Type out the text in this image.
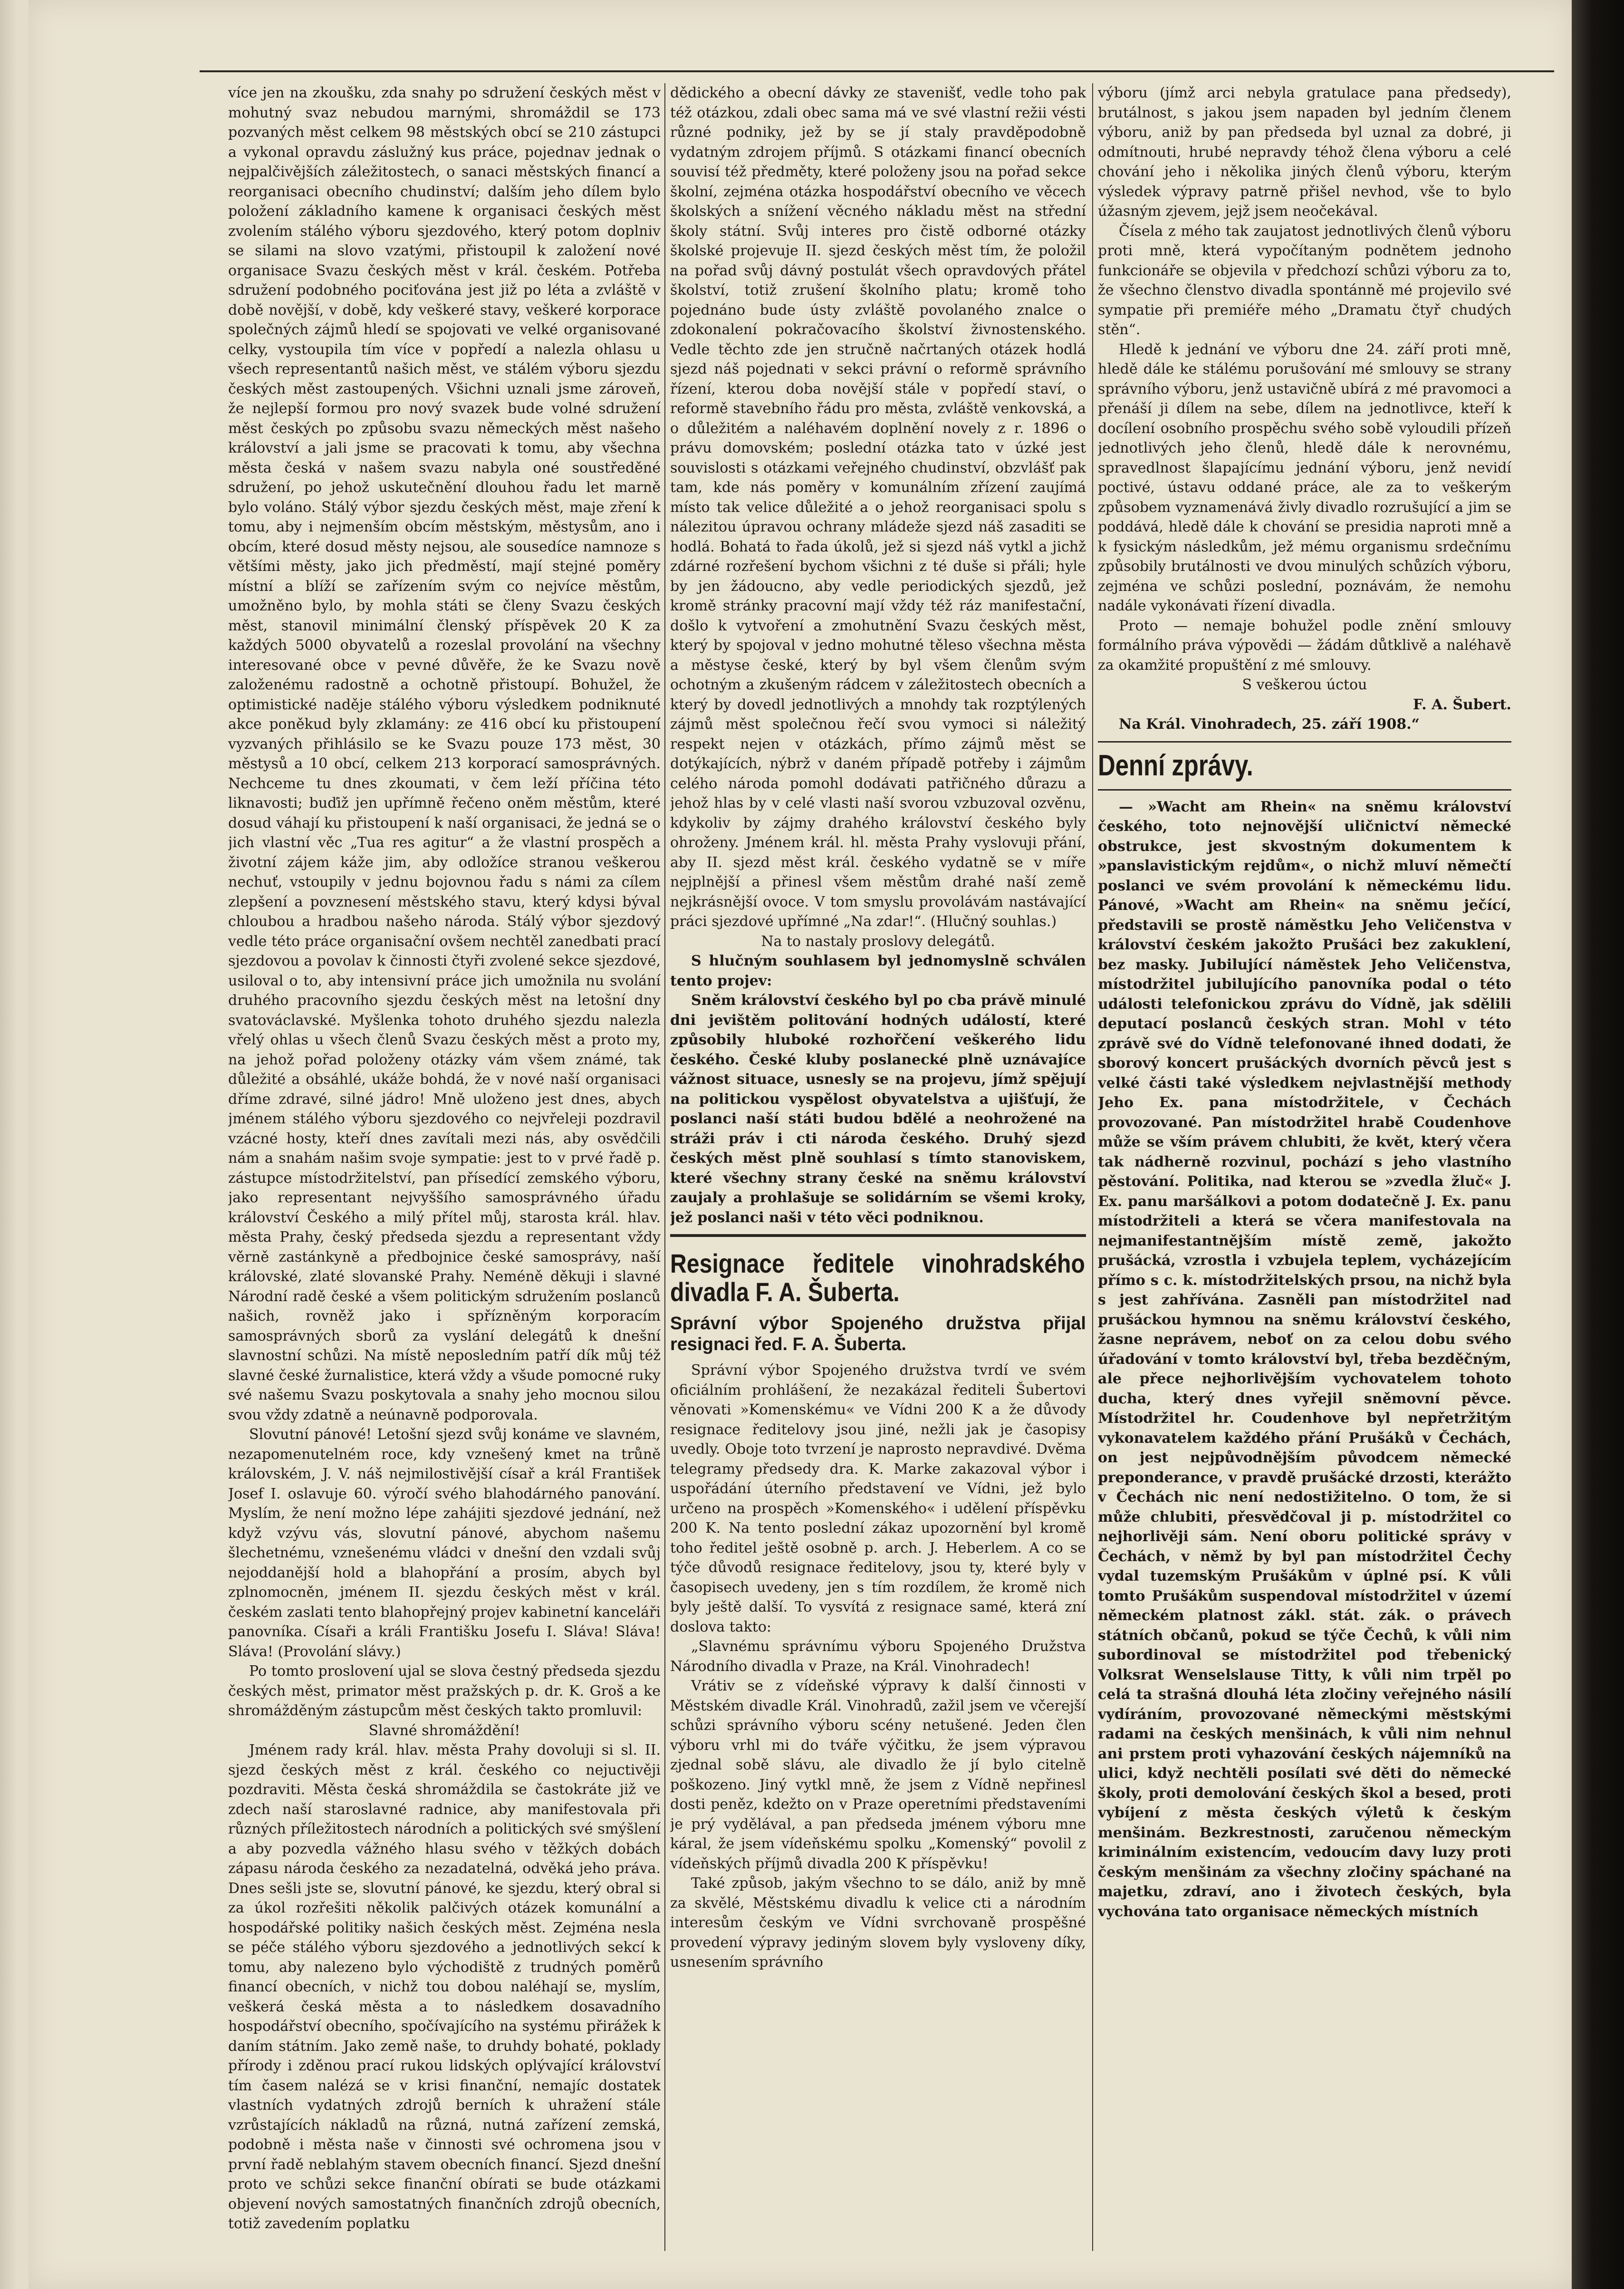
více jen na zkoušku, zda snahy po sdružení českých měst v mohutný svaz nebudou marnými, shromáždil se 173 pozvaných měst celkem 98 městských obcí se 210 zástupci a vykonal opravdu záslužný kus práce, pojednav jednak o nejpalčivějších záležitostech, o sanaci městských financí a reorganisaci obecního chudinství; dalším jeho dílem bylo položení základního kamene k organisaci českých měst zvolením stálého výboru sjezdového, který potom doplniv se silami na slovo vzatými, přistoupil k založení nové organisace Svazu českých měst v král. českém. Potřeba sdružení podobného pociťována jest již po léta a zvláště v době novější, v době, kdy veškeré stavy, veškeré korporace společných zájmů hledí se spojovati ve velké organisované celky, vystoupila tím více v popředí a nalezla ohlasu u všech representantů našich měst, ve stálém výboru sjezdu českých měst zastoupených. Všichni uznali jsme zároveň, že nejlepší formou pro nový svazek bude volné sdružení měst českých po způsobu svazu německých měst našeho království a jali jsme se pracovati k tomu, aby všechna města česká v našem svazu nabyla oné soustředěné sdružení, po jehož uskutečnění dlouhou řadu let marně bylo voláno. Stálý výbor sjezdu českých měst, maje zření k tomu, aby i nejmenším obcím městským, městysům, ano i obcím, které dosud městy nejsou, ale sousedíce namnoze s většími městy, jako jich předměstí, mají stejné poměry místní a blíží se zařízením svým co nejvíce městům, umožněno bylo, by mohla státi se členy Svazu českých měst, stanovil minimální členský příspěvek 20 K za každých 5000 obyvatelů a rozeslal provolání na všechny interesované obce v pevné důvěře, že ke Svazu nově založenému radostně a ochotně přistoupí. Bohužel, že optimistické naděje stálého výboru výsledkem podniknuté akce poněkud byly zklamány: ze 416 obcí ku přistoupení vyzvaných přihlásilo se ke Svazu pouze 173 měst, 30 městysů a 10 obcí, celkem 213 korporací samosprávných. Nechceme tu dnes zkoumati, v čem leží příčina této liknavosti; buďiž jen upřímně řečeno oněm městům, které dosud váhají ku přistoupení k naší organisaci, že jedná se o jich vlastní věc „Tua res agitur“ a že vlastní prospěch a životní zájem káže jim, aby odložíce stranou veškerou nechuť, vstoupily v jednu bojovnou řadu s námi za cílem zlepšení a povznesení městského stavu, který kdysi býval chloubou a hradbou našeho národa. Stálý výbor sjezdový vedle této práce organisační ovšem nechtěl zanedbati prací sjezdovou a povolav k činnosti čtyři zvolené sekce sjezdové, usiloval o to, aby intensivní práce jich umožnila nu svolání druhého pracovního sjezdu českých měst na letošní dny svatováclavské. Myšlenka tohoto druhého sjezdu nalezla vřelý ohlas u všech členů Svazu českých měst a proto my, na jehož pořad položeny otázky vám všem známé, tak důležité a obsáhlé, ukáže bohdá, že v nové naší organisaci dříme zdravé, silné jádro! Mně uloženo jest dnes, abych jménem stálého výboru sjezdového co nejvřeleji pozdravil vzácné hosty, kteří dnes zavítali mezi nás, aby osvědčili nám a snahám našim svoje sympatie: jest to v prvé řadě p. zástupce místodržitelství, pan přísedící zemského výboru, jako representant nejvyššího samosprávného úřadu království Českého a milý přítel můj, starosta král. hlav. města Prahy, český předseda sjezdu a representant vždy věrně zastánkyně a předbojnice české samosprávy, naší královské, zlaté slovanské Prahy. Neméně děkuji i slavné Národní radě české a všem politickým sdružením poslanců našich, rovněž jako i spřízněným korporacím samosprávných sborů za vyslání delegátů k dnešní slavnostní schůzi. Na místě neposledním patří dík můj též slavné české žurnalistice, která vždy a všude pomocné ruky své našemu Svazu poskytovala a snahy jeho mocnou silou svou vždy zdatně a neúnavně podporovala.

Slovutní pánové! Letošní sjezd svůj konáme ve slavném, nezapomenutelném roce, kdy vznešený kmet na trůně královském, J. V. náš nejmilostivější císař a král František Josef I. oslavuje 60. výročí svého blahodárného panování. Myslím, že není možno lépe zahájiti sjezdové jednání, než když vzývu vás, slovutní pánové, abychom našemu šlechetnému, vznešenému vládci v dnešní den vzdali svůj nejoddanější hold a blahopřání a prosím, abych byl zplnomocněn, jménem II. sjezdu českých měst v král. českém zaslati tento blahopřejný projev kabinetní kanceláři panovníka. Císaři a králi Františku Josefu I. Sláva! Sláva! Sláva! (Provolání slávy.)

Po tomto proslovení ujal se slova čestný předseda sjezdu českých měst, primator měst pražských p. dr. K. Groš a ke shromážděným zástupcům měst českých takto promluvil:

Slavné shromáždění!

Jménem rady král. hlav. města Prahy dovoluji si sl. II. sjezd českých měst z král. českého co nejuctivěji pozdraviti. Města česká shromáždila se častokráte již ve zdech naší staroslavné radnice, aby manifestovala při různých příležitostech národních a politických své smýšlení a aby pozvedla vážného hlasu svého v těžkých dobách zápasu národa českého za nezadatelná, odvěká jeho práva. Dnes sešli jste se, slovutní pánové, ke sjezdu, který obral si za úkol rozřešiti několik palčivých otázek komunální a hospodářské politiky našich českých měst. Zejména nesla se péče stálého výboru sjezdového a jednotlivých sekcí k tomu, aby nalezeno bylo východiště z trudných poměrů financí obecních, v nichž tou dobou naléhají se, myslím, veškerá česká města a to následkem dosavadního hospodářství obecního, spočívajícího na systému přirážek k daním státním. Jako země naše, to druhdy bohaté, poklady přírody i zděnou prací rukou lidských oplývající království tím časem nalézá se v krisi finanční, nemajíc dostatek vlastních vydatných zdrojů berních k uhražení stále vzrůstajících nákladů na různá, nutná zařízení zemská, podobně i města naše v činnosti své ochromena jsou v první řadě neblahým stavem obecních financí. Sjezd dnešní proto ve schůzi sekce finanční obírati se bude otázkami objevení nových samostatných finančních zdrojů obecních, totiž zavedením poplatku

dědického a obecní dávky ze stavenišť, vedle toho pak též otázkou, zdali obec sama má ve své vlastní režii vésti různé podniky, jež by se jí staly pravděpodobně vydatným zdrojem příjmů. S otázkami financí obecních souvisí též předměty, které položeny jsou na pořad sekce školní, zejména otázka hospodářství obecního ve věcech školských a snížení věcného nákladu měst na střední školy státní. Svůj interes pro čistě odborné otázky školské projevuje II. sjezd českých měst tím, že položil na pořad svůj dávný postulát všech opravdových přátel školství, totiž zrušení školního platu; kromě toho pojednáno bude ústy zvláště povolaného znalce o zdokonalení pokračovacího školství živnostenského. Vedle těchto zde jen stručně načrtaných otázek hodlá sjezd náš pojednati v sekci právní o reformě správního řízení, kterou doba novější stále v popředí staví, o reformě stavebního řádu pro města, zvláště venkovská, a o důležitém a naléhavém doplnění novely z r. 1896 o právu domovském; poslední otázka tato v úzké jest souvislosti s otázkami veřejného chudinství, obzvlášť pak tam, kde nás poměry v komunálním zřízení zaujímá místo tak velice důležité a o jehož reorganisaci spolu s nálezitou úpravou ochrany mládeže sjezd náš zasaditi se hodlá. Bohatá to řada úkolů, jež si sjezd náš vytkl a jichž zdárné rozřešení bychom všichni z té duše si přáli; hyle by jen žádoucno, aby vedle periodických sjezdů, jež kromě stránky pracovní mají vždy též ráz manifestační, došlo k vytvoření a zmohutnění Svazu českých měst, který by spojoval v jedno mohutné těleso všechna města a městyse české, který by byl všem členům svým ochotným a zkušeným rádcem v záležitostech obecních a který by dovedl jednotlivých a mnohdy tak rozptýlených zájmů měst společnou řečí svou vymoci si náležitý respekt nejen v otázkách, přímo zájmů měst se dotýkajících, nýbrž v daném případě potřeby i zájmům celého národa pomohl dodávati patřičného důrazu a jehož hlas by v celé vlasti naší svorou vzbuzoval ozvěnu, kdykoliv by zájmy drahého království českého byly ohroženy. Jménem král. hl. města Prahy vyslovuji přání, aby II. sjezd měst král. českého vydatně se v míře nejplnější a přinesl všem městům drahé naší země nejkrásnější ovoce. V tom smyslu provolávám nastávající práci sjezdové upřímné „Na zdar!“. (Hlučný souhlas.)

Na to nastaly proslovy delegátů.

S hlučným souhlasem byl jednomyslně schválen tento projev:

Sněm království českého byl po cba právě minulé dni jevištěm politování hodných událostí, které způsobily hluboké rozhořčení veškerého lidu českého. České kluby poslanecké plně uznávajíce vážnost situace, usnesly se na projevu, jímž spějují na politickou vyspělost obyvatelstva a ujišťují, že poslanci naší státi budou bdělé a neohrožené na stráži práv i cti národa českého. Druhý sjezd českých měst plně souhlasí s tímto stanoviskem, které všechny strany české na sněmu království zaujaly a prohlašuje se solidárním se všemi kroky, jež poslanci naši v této věci podniknou.

Resignace ředitele vinohradského divadla F. A. Šuberta.
Správní výbor Spojeného družstva přijal resignaci řed. F. A. Šuberta.

Správní výbor Spojeného družstva tvrdí ve svém oficiálním prohlášení, že nezakázal řediteli Šubertovi věnovati »Komenskému« ve Vídni 200 K a že důvody resignace ředitelovy jsou jiné, nežli jak je časopisy uvedly. Oboje toto tvrzení je naprosto nepravdivé. Dvěma telegramy předsedy dra. K. Marke zakazoval výbor i uspořádání úterního představení ve Vídni, jež bylo určeno na prospěch »Komenského« i udělení příspěvku 200 K. Na tento poslední zákaz upozornění byl kromě toho ředitel ještě osobně p. arch. J. Heberlem. A co se týče důvodů resignace ředitelovy, jsou ty, které byly v časopisech uvedeny, jen s tím rozdílem, že kromě nich byly ještě další. To vysvítá z resignace samé, která zní doslova takto:

„Slavnému správnímu výboru Spojeného Družstva Národního divadla v Praze, na Král. Vinohradech!

Vrátiv se z vídeňské výpravy k další činnosti v Městském divadle Král. Vinohradů, zažil jsem ve včerejší schůzi správního výboru scény netušené. Jeden člen výboru vrhl mi do tváře výčitku, že jsem výpravou zjednal sobě slávu, ale divadlo že jí bylo citelně poškozeno. Jiný vytkl mně, že jsem z Vídně nepřinesl dosti peněz, kdežto on v Praze operetními představeními je prý vydělával, a pan předseda jménem výboru mne káral, že jsem vídeňskému spolku „Komenský“ povolil z vídeňských příjmů divadla 200 K příspěvku!

Také způsob, jakým všechno to se dálo, aniž by mně za skvělé, Městskému divadlu k velice cti a národním interesům českým ve Vídni svrchovaně prospěšné provedení výpravy jediným slovem byly vysloveny díky, usnesením správního

výboru (jímž arci nebyla gratulace pana předsedy), brutálnost, s jakou jsem napaden byl jedním členem výboru, aniž by pan předseda byl uznal za dobré, ji odmítnouti, hrubé nepravdy téhož člena výboru a celé chování jeho i několika jiných členů výboru, kterým výsledek výpravy patrně přišel nevhod, vše to bylo úžasným zjevem, jejž jsem neočekával.

Čísela z mého tak zaujatost jednotlivých členů výboru proti mně, která vypočítaným podnětem jednoho funkcionáře se objevila v předchozí schůzi výboru za to, že všechno členstvo divadla spontánně mé projevilo své sympatie při premiéře mého „Dramatu čtyř chudých stěn“.

Hledě k jednání ve výboru dne 24. září proti mně, hledě dále ke stálému porušování mé smlouvy se strany správního výboru, jenž ustavičně ubírá z mé pravomoci a přenáší ji dílem na sebe, dílem na jednotlivce, kteří k docílení osobního prospěchu svého sobě vyloudili přízeň jednotlivých jeho členů, hledě dále k nerovnému, spravedlnost šlapajícímu jednání výboru, jenž nevidí poctivé, ústavu oddané práce, ale za to veškerým způsobem vyznamenává živly divadlo rozrušující a jim se poddává, hledě dále k chování se presidia naproti mně a k fysickým následkům, jež mému organismu srdečnímu způsobily brutálnosti ve dvou minulých schůzích výboru, zejména ve schůzi poslední, poznávám, že nemohu nadále vykonávati řízení divadla.

Proto — nemaje bohužel podle znění smlouvy formálního práva výpovědi — žádám důtklivě a naléhavě za okamžité propuštění z mé smlouvy.

S veškerou úctou

F. A. Šubert.

Na Král. Vinohradech, 25. září 1908.“

Denní zprávy.

— »Wacht am Rhein« na sněmu království českého, toto nejnovější uličnictví německé obstrukce, jest skvostným dokumentem k »panslavistickým rejdům«, o nichž mluví němečtí poslanci ve svém provolání k německému lidu. Pánové, »Wacht am Rhein« na sněmu ječící, představili se prostě náměstku Jeho Veličenstva v království českém jakožto Prušáci bez zakuklení, bez masky. Jubilující náměstek Jeho Veličenstva, místodržitel jubilujícího panovníka podal o této události telefonickou zprávu do Vídně, jak sdělili deputací poslanců českých stran. Mohl v této zprávě své do Vídně telefonované ihned dodati, že sborový koncert prušáckých dvorních pěvců jest s velké části také výsledkem nejvlastnější methody Jeho Ex. pana místodržitele, v Čechách provozované. Pan místodržitel hrabě Coudenhove může se vším právem chlubiti, že květ, který včera tak nádherně rozvinul, pochází s jeho vlastního pěstování. Politika, nad kterou se »zvedla žluč« J. Ex. panu maršálkovi a potom dodatečně J. Ex. panu místodržiteli a která se včera manifestovala na nejmanifestantnějším místě země, jakožto prušácká, vzrostla i vzbujela teplem, vycházejícím přímo s c. k. místodržitelských prsou, na nichž byla s jest zahřívána. Zasněli pan místodržitel nad prušáckou hymnou na sněmu království českého, žasne neprávem, neboť on za celou dobu svého úřadování v tomto království byl, třeba bezděčným, ale přece nejhorlivějším vychovatelem tohoto ducha, který dnes vyřejil sněmovní pěvce. Místodržitel hr. Coudenhove byl nepřetržitým vykonavatelem každého přání Prušáků v Čechách, on jest nejpůvodnějším původcem německé preponderance, v pravdě prušácké drzosti, kterážto v Čechách nic není nedostižitelno. O tom, že si může chlubiti, přesvědčoval ji p. místodržitel co nejhorlivěji sám. Není oboru politické správy v Čechách, v němž by byl pan místodržitel Čechy vydal tuzemským Prušákům v úplné psí. K vůli tomto Prušákům suspendoval místodržitel v území německém platnost zákl. stát. zák. o právech státních občanů, pokud se týče Čechů, k vůli nim subordinoval se místodržitel pod třebenický Volksrat Wenselslause Titty, k vůli nim trpěl po celá ta strašná dlouhá léta zločiny veřejného násilí vydíráním, provozované německými městskými radami na českých menšinách, k vůli nim nehnul ani prstem proti vyhazování českých nájemníků na ulici, když nechtěli posílati své děti do německé školy, proti demolování českých škol a besed, proti vybíjení z města českých výletů k českým menšinám. Bezkrestnosti, zaručenou německým kriminálním existencím, vedoucím davy luzy proti českým menšinám za všechny zločiny spáchané na majetku, zdraví, ano i životech českých, byla vychována tato organisace německých místních
